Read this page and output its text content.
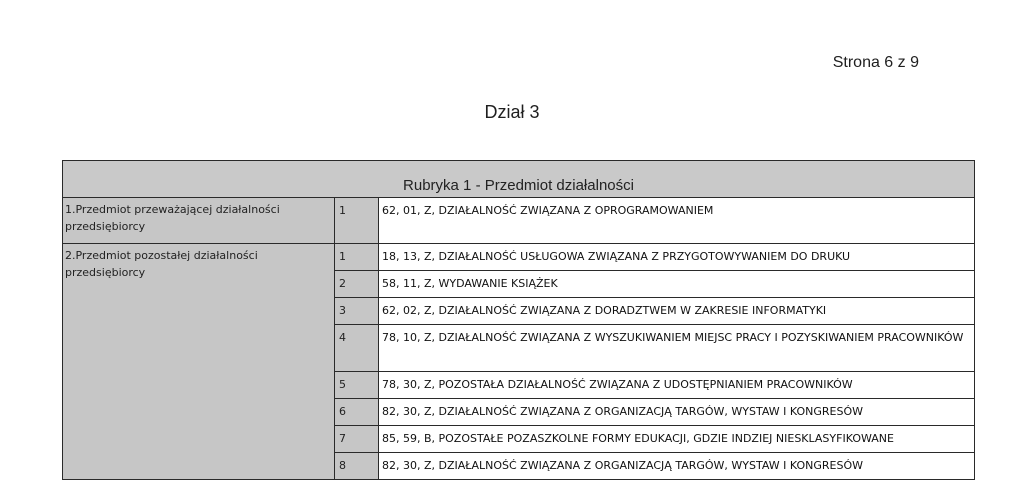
Strona 6 z 9
Dział 3
Rubryka 1 - Przedmiot działalności		
1.Przedmiot przeważającej działalności przedsiębiorcy	1	62, 01, Z, DZIAŁALNOŚĆ ZWIĄZANA Z OPROGRAMOWANIEM
2.Przedmiot pozostałej działalności przedsiębiorcy	1	18, 13, Z, DZIAŁALNOŚĆ USŁUGOWA ZWIĄZANA Z PRZYGOTOWYWANIEM DO DRUKU
	2	58, 11, Z, WYDAWANIE KSIĄŻEK
	3	62, 02, Z, DZIAŁALNOŚĆ ZWIĄZANA Z DORADZTWEM W ZAKRESIE INFORMATYKI
	4	78, 10, Z, DZIAŁALNOŚĆ ZWIĄZANA Z WYSZUKIWANIEM MIEJSC PRACY I POZYSKIWANIEM PRACOWNIKÓW
	5	78, 30, Z, POZOSTAŁA DZIAŁALNOŚĆ ZWIĄZANA Z UDOSTĘPNIANIEM PRACOWNIKÓW
	6	82, 30, Z, DZIAŁALNOŚĆ ZWIĄZANA Z ORGANIZACJĄ TARGÓW, WYSTAW I KONGRESÓW
	7	85, 59, B, POZOSTAŁE POZASZKOLNE FORMY EDUKACJI, GDZIE INDZIEJ NIESKLASYFIKOWANE
	8	82, 30, Z, DZIAŁALNOŚĆ ZWIĄZANA Z ORGANIZACJĄ TARGÓW, WYSTAW I KONGRESÓW
